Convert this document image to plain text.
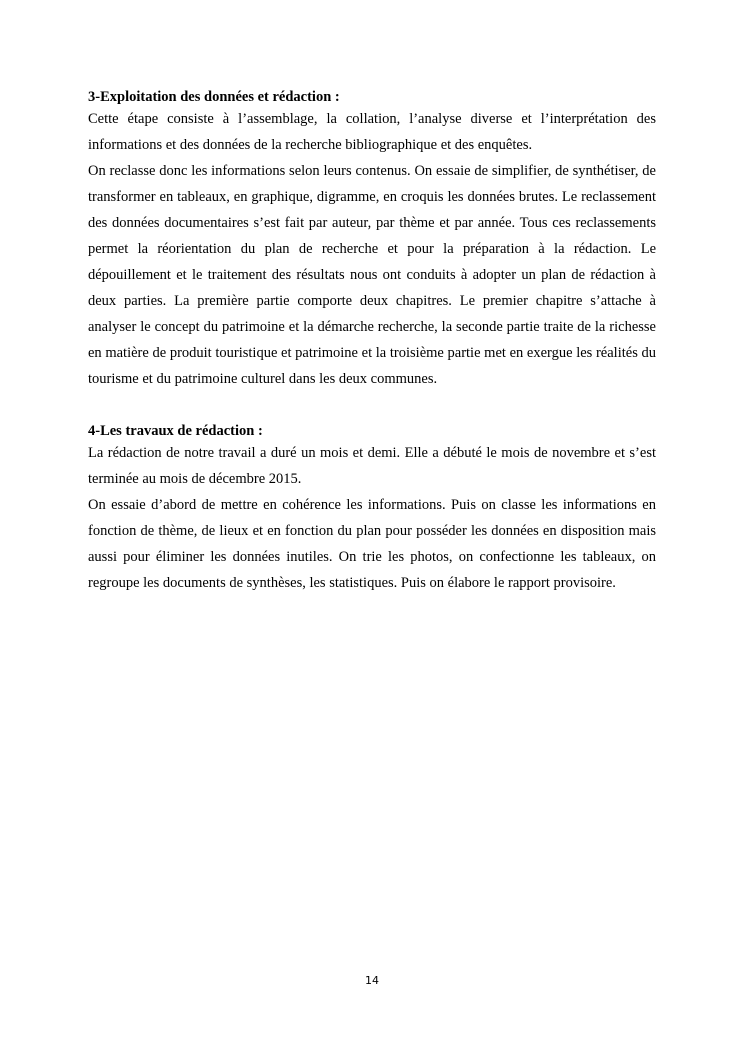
3-Exploitation des données et rédaction :

Cette étape consiste à l’assemblage, la collation, l’analyse diverse et l’interprétation des informations et des données de la recherche bibliographique et des enquêtes.

On reclasse donc les informations selon leurs contenus. On essaie de simplifier, de synthétiser, de transformer en tableaux, en graphique, digramme, en croquis les données brutes. Le reclassement des données documentaires s’est fait par auteur, par thème et par année. Tous ces reclassements permet la réorientation du plan de recherche et pour la préparation à la rédaction. Le dépouillement et le traitement des résultats nous ont conduits à adopter un plan de rédaction à deux parties. La première partie comporte deux chapitres. Le premier chapitre s’attache à analyser le concept du patrimoine et la démarche recherche, la seconde partie traite de la richesse en matière de produit touristique et patrimoine et la troisième partie met en exergue les réalités du tourisme et du patrimoine culturel dans les deux communes.

4-Les travaux de rédaction :

La rédaction de notre travail a duré un mois et demi. Elle a débuté le mois de novembre et s’est terminée au mois de décembre 2015.

On essaie d’abord de mettre en cohérence les informations. Puis on classe les informations en fonction de thème, de lieux et en fonction du plan pour posséder les données en disposition mais aussi pour éliminer les données inutiles. On trie les photos, on confectionne les tableaux, on regroupe les documents de synthèses, les statistiques. Puis on élabore le rapport provisoire.

14
